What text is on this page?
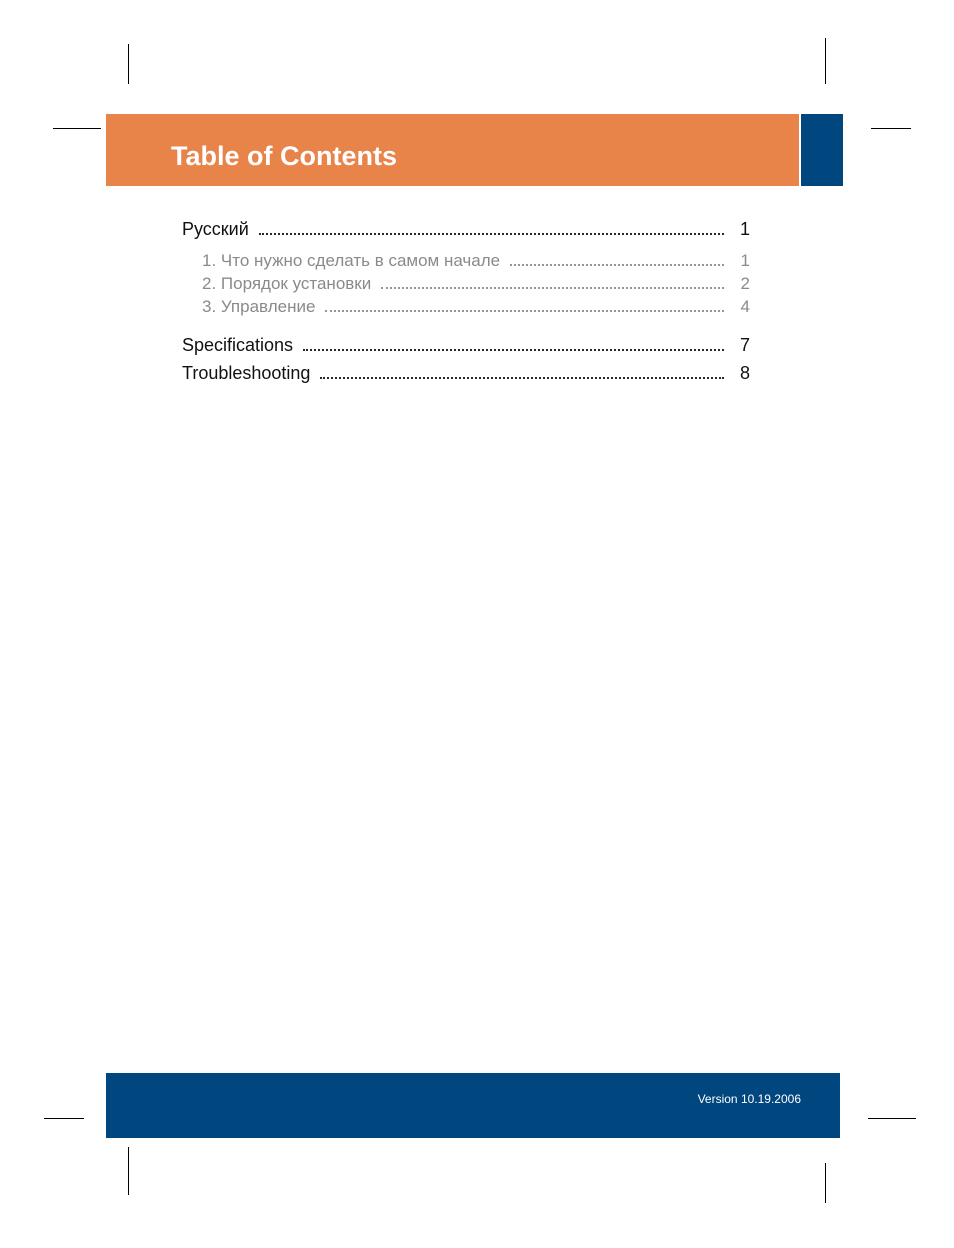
Table of Contents
Русский	1
1. Что нужно сделать в самом начале	1
2. Порядок установки	2
3. Управление	4
Specifications	7
Troubleshooting	8
Version 10.19.2006
